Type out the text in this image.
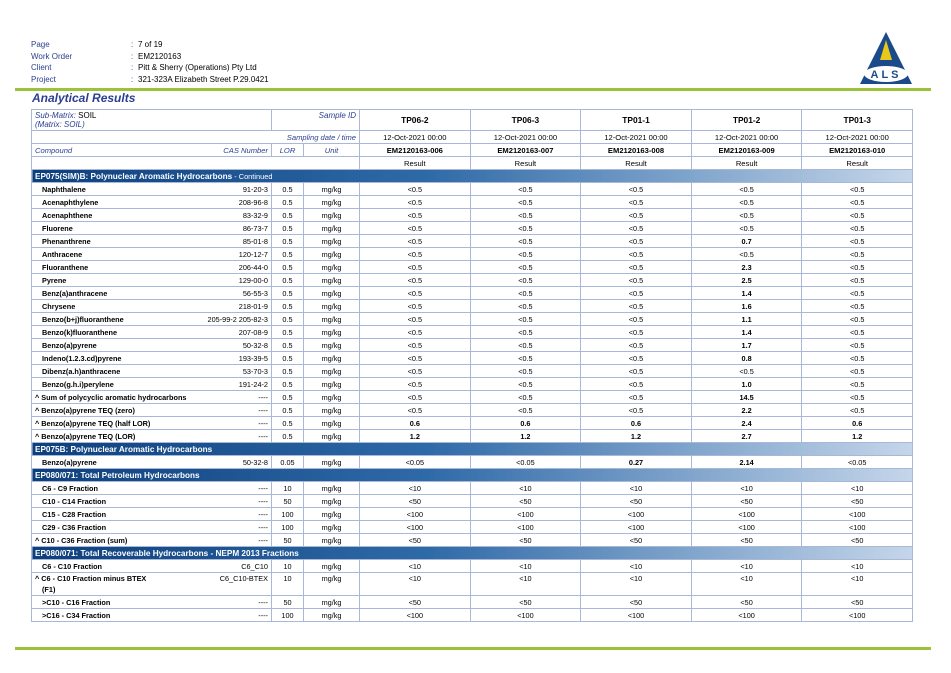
Page	: 7 of 19
Work Order	: EM2120163
Client	: Pitt & Sherry (Operations) Pty Ltd
Project	: 321-323A Elizabeth Street P.29.0421	ALS
Analytical Results
Sub-Matrix: SOIL
(Matrix: SOIL)	Sample ID		TP06-2	TP06-3	TP01-1	TP01-2	TP01-3
Sampling date / time			12-Oct-2021 00:00	12-Oct-2021 00:00	12-Oct-2021 00:00	12-Oct-2021 00:00	12-Oct-2021 00:00
Compound CAS Number	LOR	Unit	EM2120163-006	EM2120163-007	EM2120163-008	EM2120163-009	EM2120163-010
			Result	Result	Result	Result	Result
EP075(SIM)B: Polynuclear Aromatic Hydrocarbons - Continued							
Naphthalene 91-20-3	0.5	mg/kg	<0.5	<0.5	<0.5	<0.5	<0.5
Acenaphthylene 208-96-8	0.5	mg/kg	<0.5	<0.5	<0.5	<0.5	<0.5
Acenaphthene 83-32-9	0.5	mg/kg	<0.5	<0.5	<0.5	<0.5	<0.5
Fluorene 86-73-7	0.5	mg/kg	<0.5	<0.5	<0.5	<0.5	<0.5
Phenanthrene 85-01-8	0.5	mg/kg	<0.5	<0.5	<0.5	0.7	<0.5
Anthracene 120-12-7	0.5	mg/kg	<0.5	<0.5	<0.5	<0.5	<0.5
Fluoranthene 206-44-0	0.5	mg/kg	<0.5	<0.5	<0.5	2.3	<0.5
Pyrene 129-00-0	0.5	mg/kg	<0.5	<0.5	<0.5	2.5	<0.5
Benz(a)anthracene 56-55-3	0.5	mg/kg	<0.5	<0.5	<0.5	1.4	<0.5
Chrysene 218-01-9	0.5	mg/kg	<0.5	<0.5	<0.5	1.6	<0.5
Benzo(b+j)fluoranthene 205-99-2 205-82-3	0.5	mg/kg	<0.5	<0.5	<0.5	1.1	<0.5
Benzo(k)fluoranthene 207-08-9	0.5	mg/kg	<0.5	<0.5	<0.5	1.4	<0.5
Benzo(a)pyrene 50-32-8	0.5	mg/kg	<0.5	<0.5	<0.5	1.7	<0.5
Indeno(1.2.3.cd)pyrene 193-39-5	0.5	mg/kg	<0.5	<0.5	<0.5	0.8	<0.5
Dibenz(a.h)anthracene 53-70-3	0.5	mg/kg	<0.5	<0.5	<0.5	<0.5	<0.5
Benzo(g.h.i)perylene 191-24-2	0.5	mg/kg	<0.5	<0.5	<0.5	1.0	<0.5
^ Sum of polycyclic aromatic hydrocarbons ----	0.5	mg/kg	<0.5	<0.5	<0.5	14.5	<0.5
^ Benzo(a)pyrene TEQ (zero) ----	0.5	mg/kg	<0.5	<0.5	<0.5	2.2	<0.5
^ Benzo(a)pyrene TEQ (half LOR) ----	0.5	mg/kg	0.6	0.6	0.6	2.4	0.6
^ Benzo(a)pyrene TEQ (LOR) ----	0.5	mg/kg	1.2	1.2	1.2	2.7	1.2
EP075B: Polynuclear Aromatic Hydrocarbons							
Benzo(a)pyrene 50-32-8	0.05	mg/kg	<0.05	<0.05	0.27	2.14	<0.05
EP080/071: Total Petroleum Hydrocarbons							
C6 - C9 Fraction ----	10	mg/kg	<10	<10	<10	<10	<10
C10 - C14 Fraction ----	50	mg/kg	<50	<50	<50	<50	<50
C15 - C28 Fraction ----	100	mg/kg	<100	<100	<100	<100	<100
C29 - C36 Fraction ----	100	mg/kg	<100	<100	<100	<100	<100
^ C10 - C36 Fraction (sum) ----	50	mg/kg	<50	<50	<50	<50	<50
EP080/071: Total Recoverable Hydrocarbons - NEPM 2013 Fractions							
C6 - C10 Fraction C6_C10	10	mg/kg	<10	<10	<10	<10	<10
^ C6 - C10 Fraction minus BTEX C6_C10-BTEX
(F1)	10	mg/kg	<10	<10	<10	<10	<10
>C10 - C16 Fraction ----	50	mg/kg	<50	<50	<50	<50	<50
>C16 - C34 Fraction ----	100	mg/kg	<100	<100	<100	<100	<100
